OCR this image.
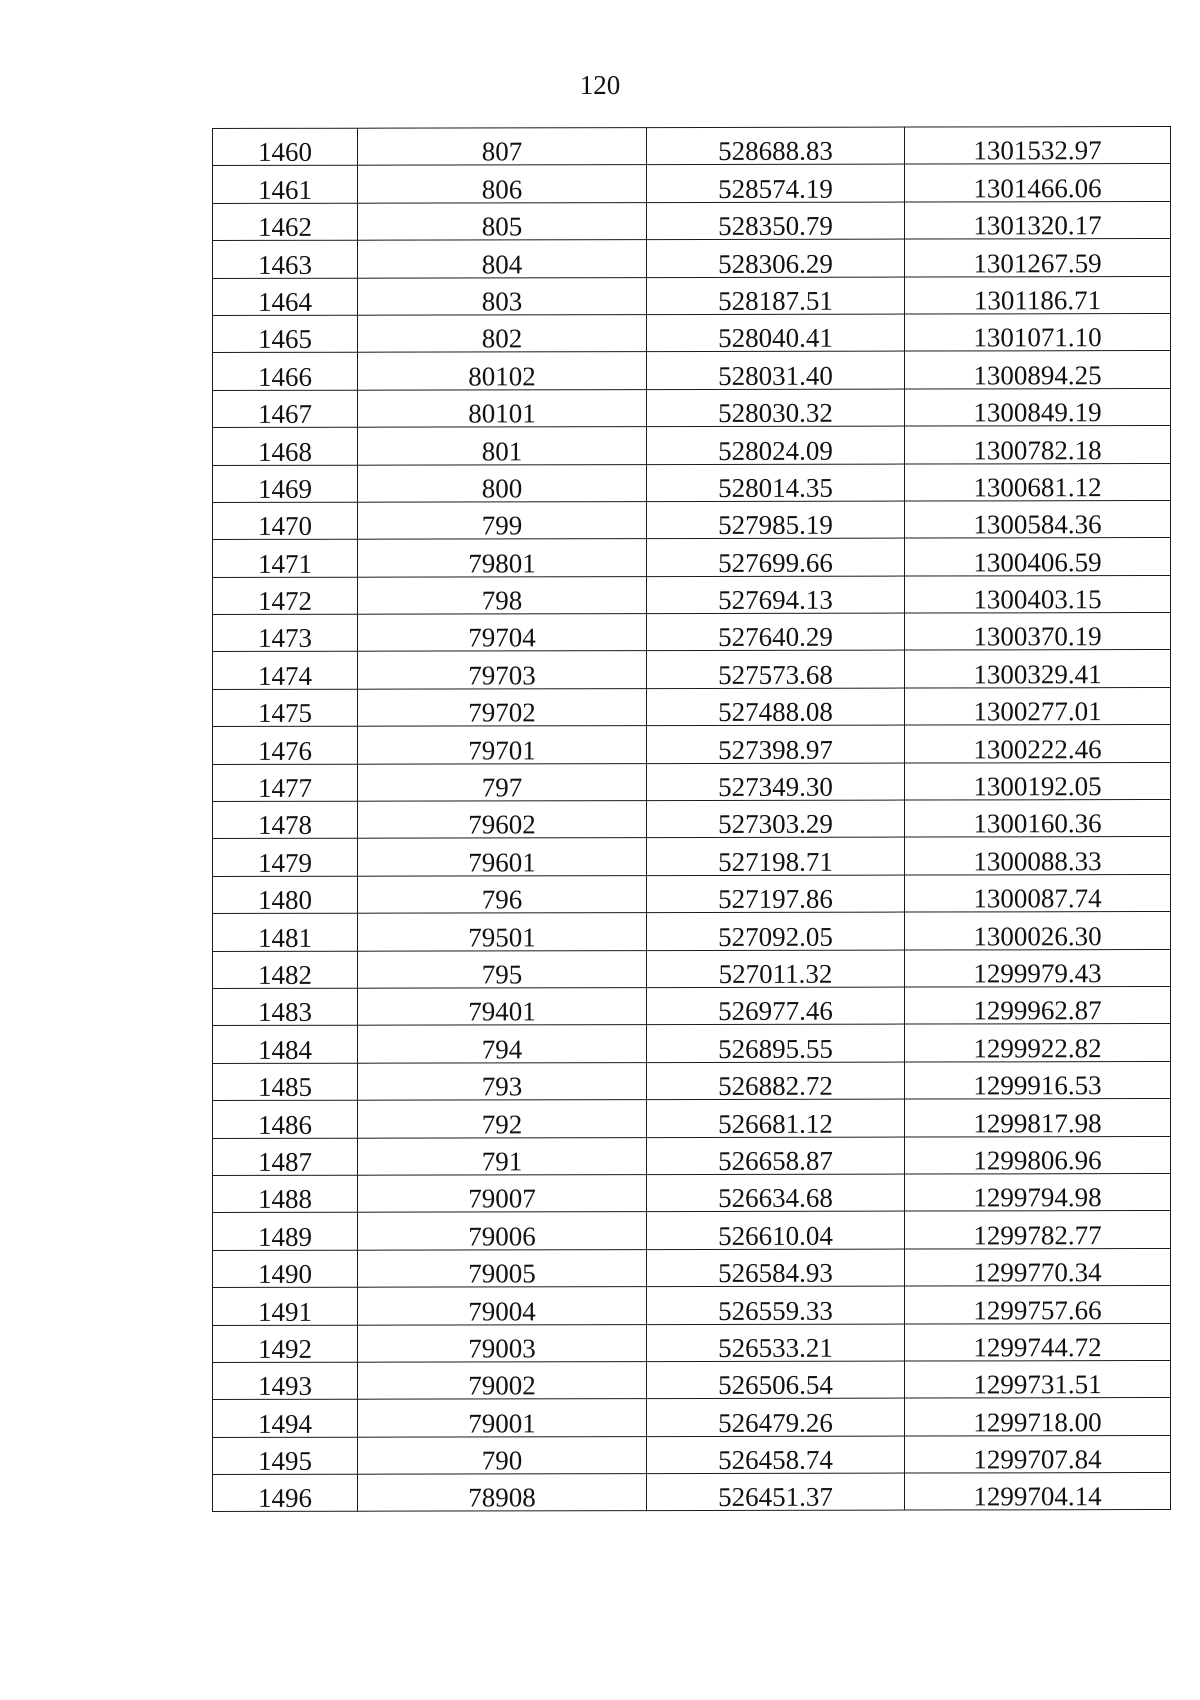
120
1460	807	528688.83	1301532.97
1461	806	528574.19	1301466.06
1462	805	528350.79	1301320.17
1463	804	528306.29	1301267.59
1464	803	528187.51	1301186.71
1465	802	528040.41	1301071.10
1466	80102	528031.40	1300894.25
1467	80101	528030.32	1300849.19
1468	801	528024.09	1300782.18
1469	800	528014.35	1300681.12
1470	799	527985.19	1300584.36
1471	79801	527699.66	1300406.59
1472	798	527694.13	1300403.15
1473	79704	527640.29	1300370.19
1474	79703	527573.68	1300329.41
1475	79702	527488.08	1300277.01
1476	79701	527398.97	1300222.46
1477	797	527349.30	1300192.05
1478	79602	527303.29	1300160.36
1479	79601	527198.71	1300088.33
1480	796	527197.86	1300087.74
1481	79501	527092.05	1300026.30
1482	795	527011.32	1299979.43
1483	79401	526977.46	1299962.87
1484	794	526895.55	1299922.82
1485	793	526882.72	1299916.53
1486	792	526681.12	1299817.98
1487	791	526658.87	1299806.96
1488	79007	526634.68	1299794.98
1489	79006	526610.04	1299782.77
1490	79005	526584.93	1299770.34
1491	79004	526559.33	1299757.66
1492	79003	526533.21	1299744.72
1493	79002	526506.54	1299731.51
1494	79001	526479.26	1299718.00
1495	790	526458.74	1299707.84
1496	78908	526451.37	1299704.14
